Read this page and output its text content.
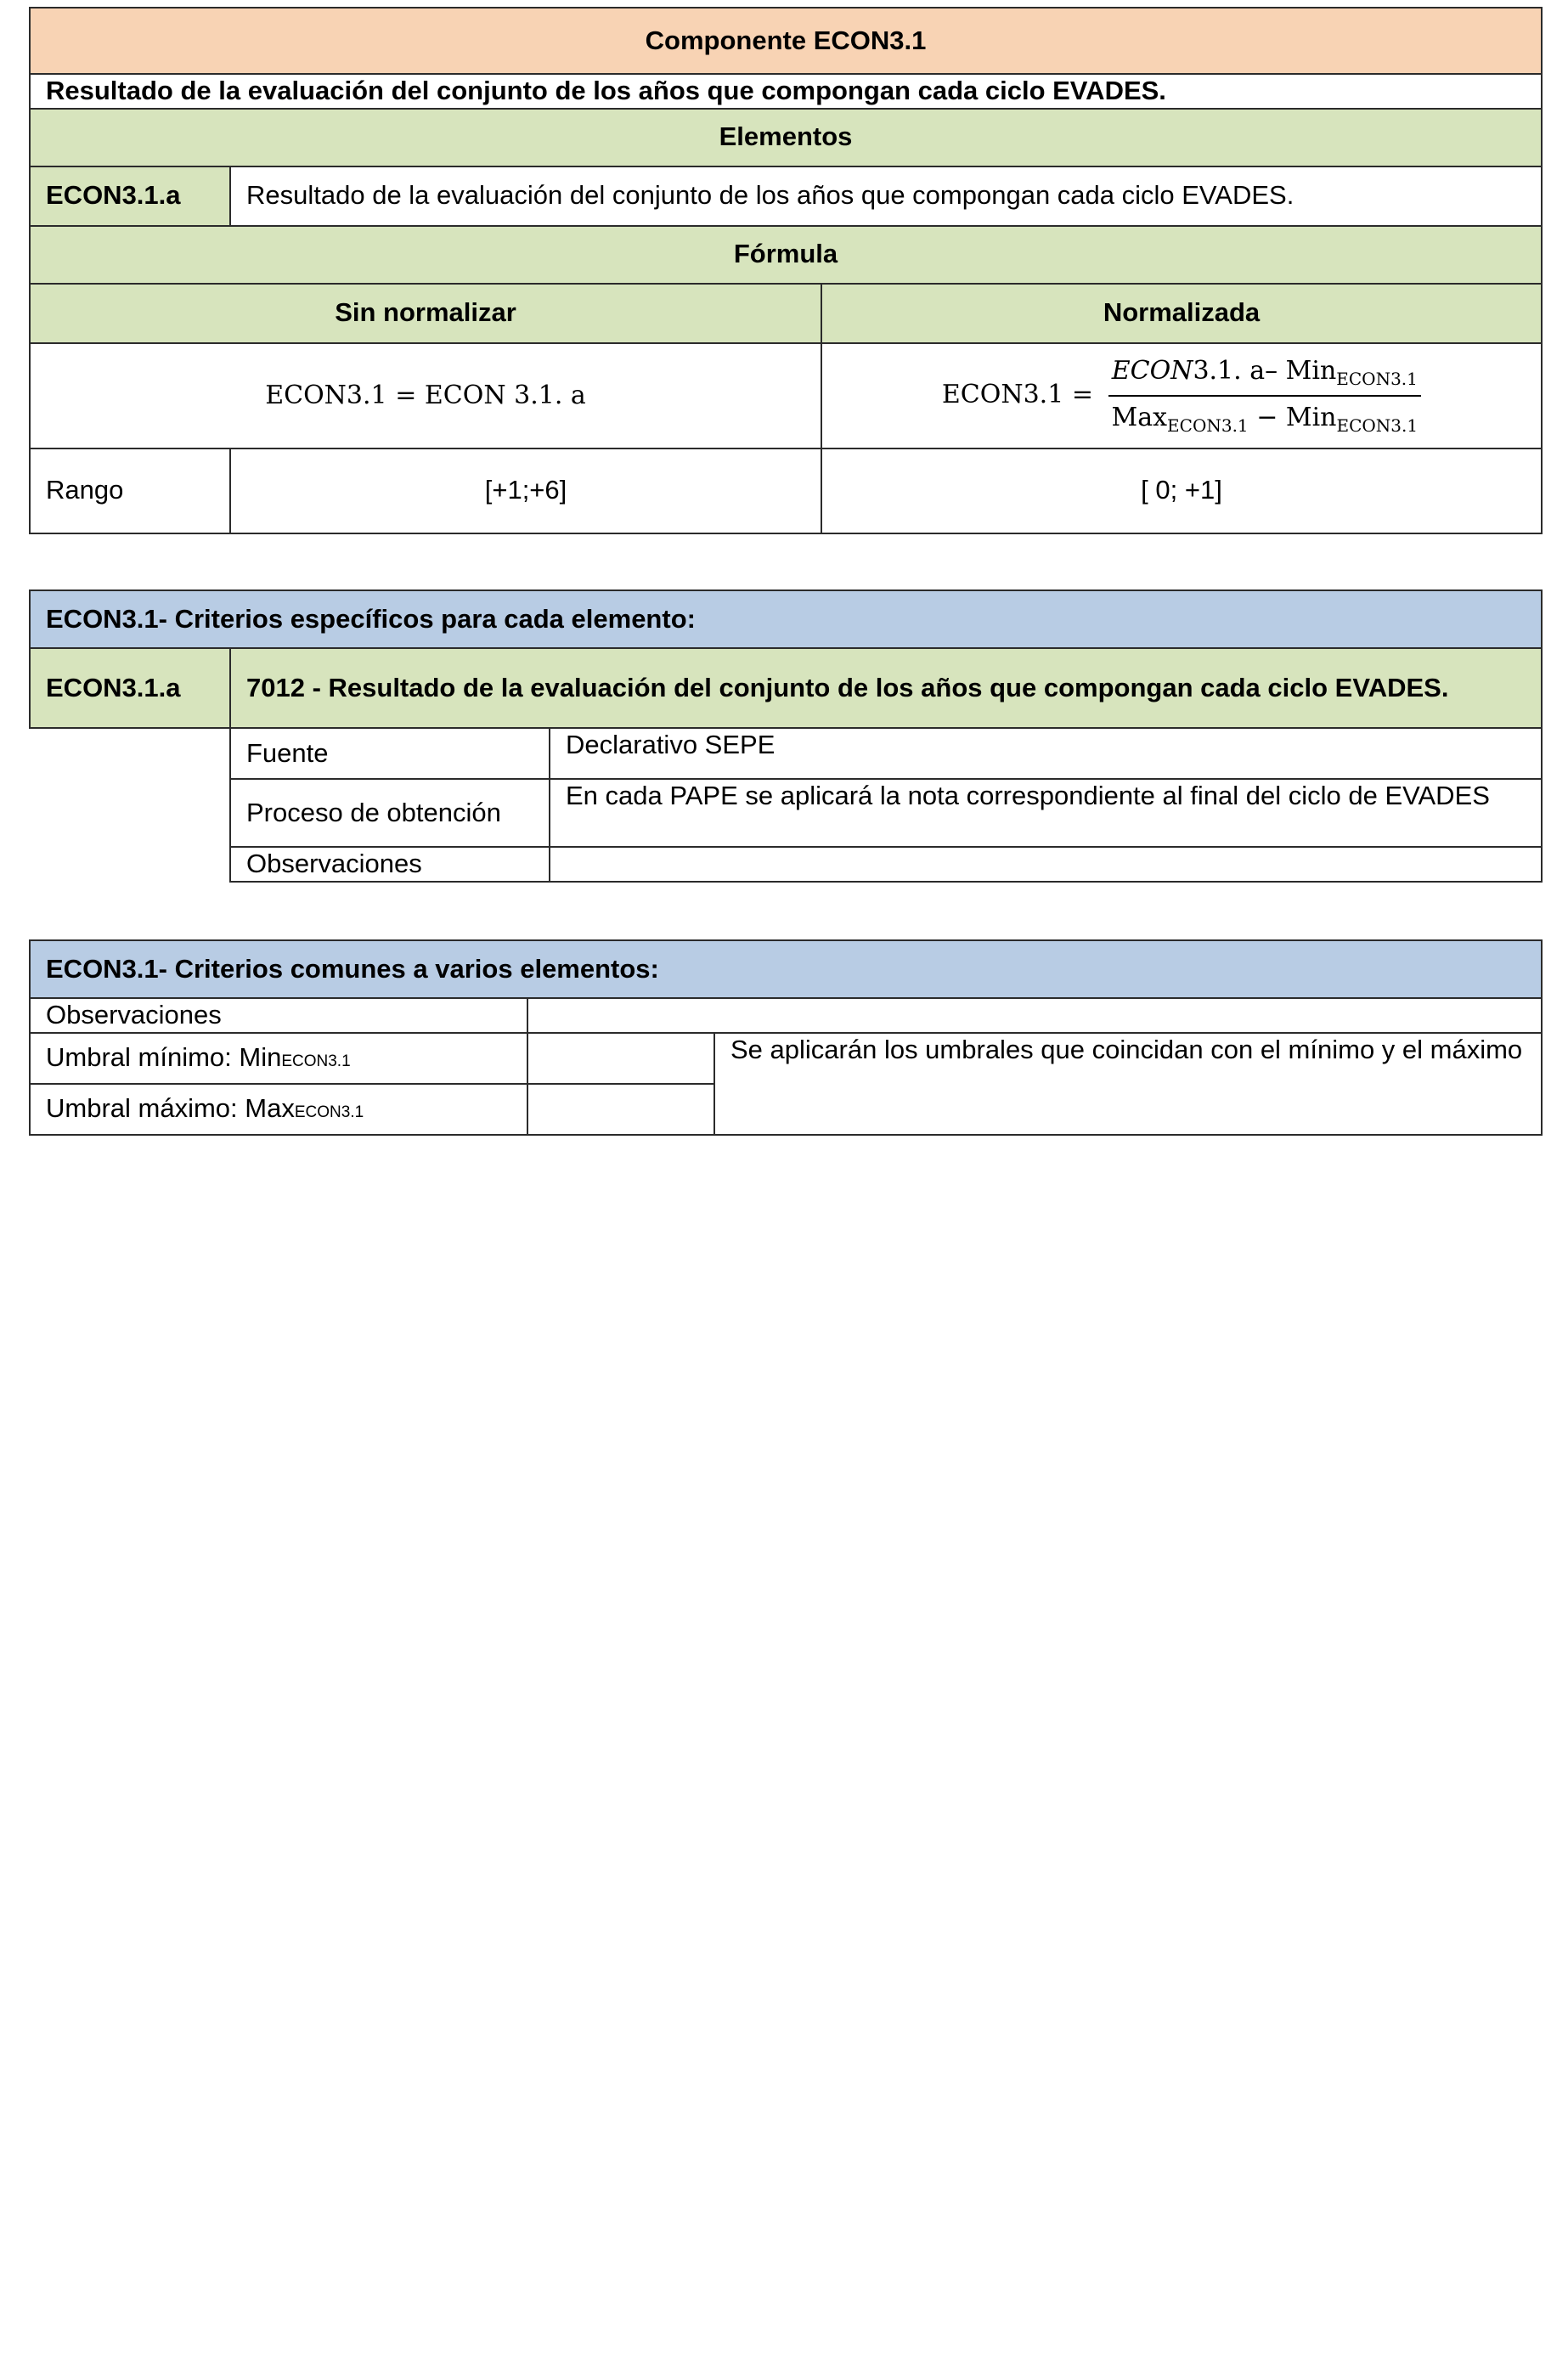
Componente ECON3.1		
Resultado de la evaluación del conjunto de los años que compongan cada ciclo EVADES.		
Elementos		
ECON3.1.a	Resultado de la evaluación del conjunto de los años que compongan cada ciclo EVADES.	
Fórmula		
Sin normalizar		Normalizada
ECON3.1 = ECON 3.1. a		ECON3.1 = $\frac{ECON3.1. a- Min_{ECON3.1}}{Max_{ECON3.1} - Min_{ECON3.1}}$

Rango	[+1;+6]	[ 0; +1]
ECON3.1- Criterios específicos para cada elemento:		
ECON3.1.a	7012 - Resultado de la evaluación del conjunto de los años que compongan cada ciclo EVADES.	
	Fuente	Declarativo SEPE
	Proceso de obtención	En cada PAPE se aplicará la nota correspondiente al final del ciclo de EVADES
	Observaciones	
ECON3.1- Criterios comunes a varios elementos:		
Observaciones		
Umbral mínimo: MinECON3.1		Se aplicarán los umbrales que coincidan con el mínimo y el máximo
Umbral máximo: MaxECON3.1		
